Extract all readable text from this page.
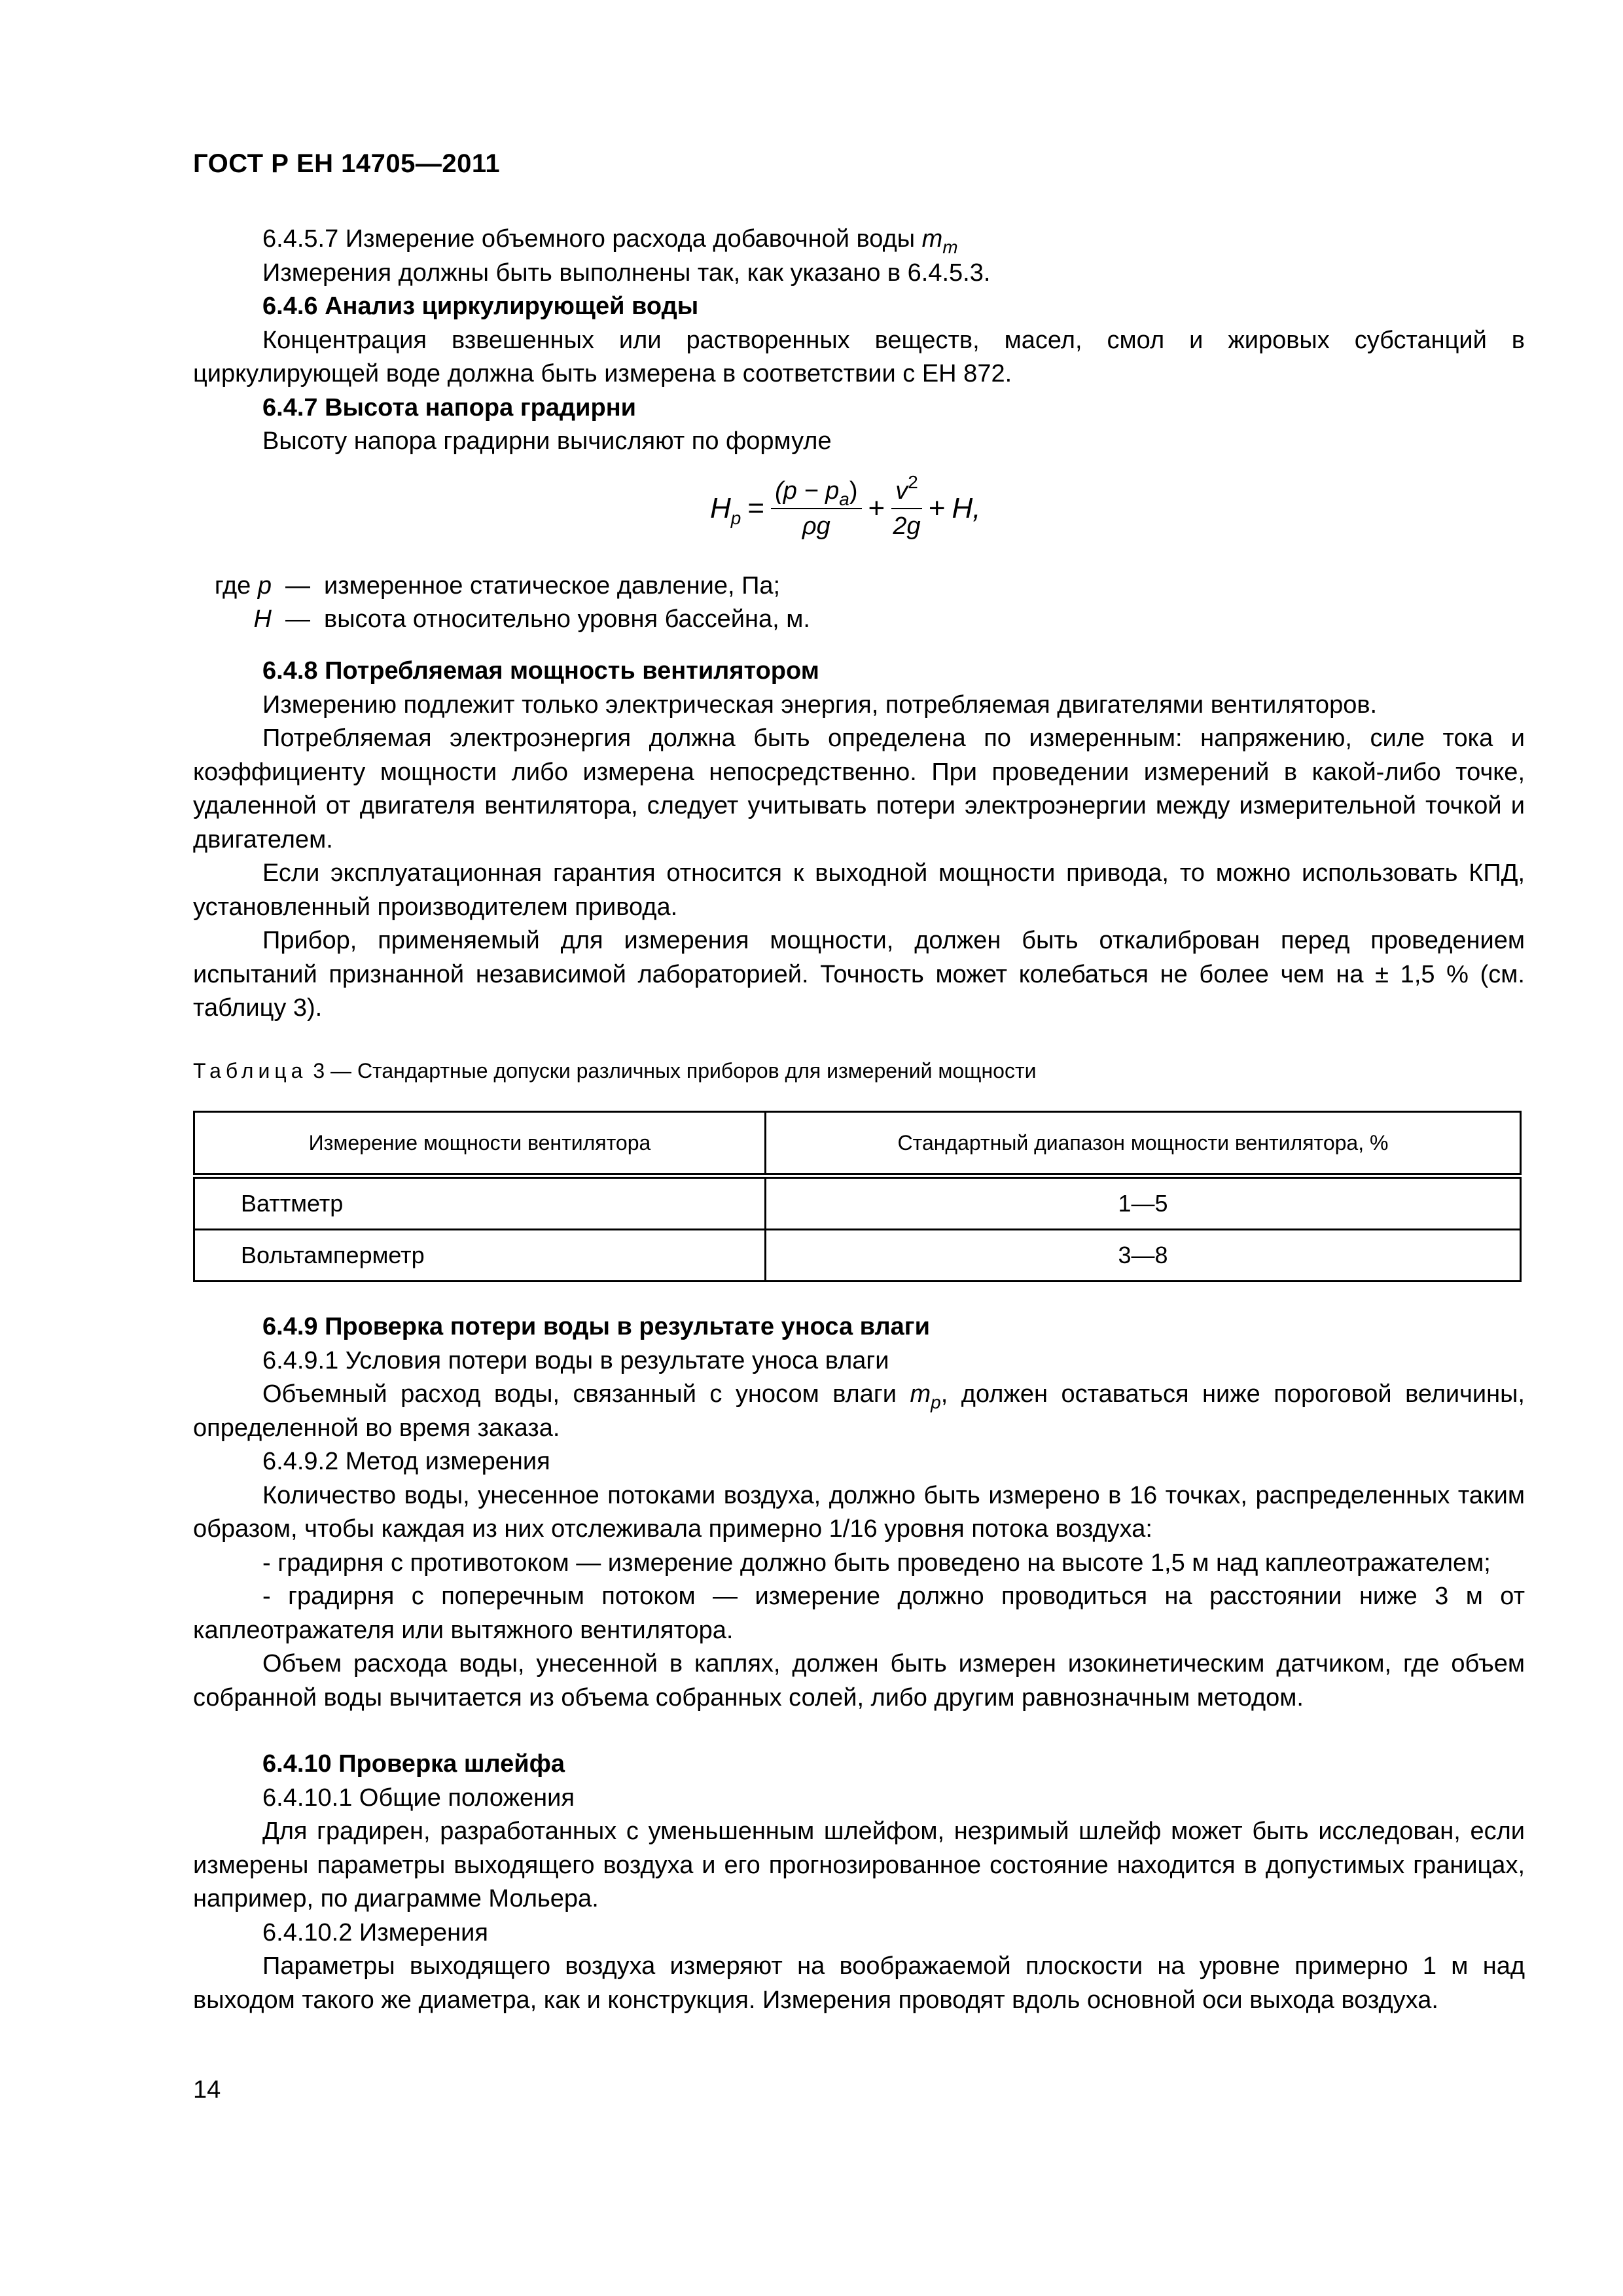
ГОСТ Р ЕН 14705—2011

6.4.5.7 Измерение объемного расхода добавочной воды $m_m$

Измерения должны быть выполнены так, как указано в 6.4.5.3.

6.4.6 Анализ циркулирующей воды

Концентрация взвешенных или растворенных веществ, масел, смол и жировых субстанций в циркулирующей воде должна быть измерена в соответствии с ЕН 872.

6.4.7 Высота напора градирни

Высоту напора градирни вычисляют по формуле

$H_p = \frac{(p - p_a)}{\rho g} + \frac{v^2}{2g} + H$,
где p — измеренное статическое давление, Па;
H — высота относительно уровня бассейна, м.

6.4.8 Потребляемая мощность вентилятором

Измерению подлежит только электрическая энергия, потребляемая двигателями вентиляторов.

Потребляемая электроэнергия должна быть определена по измеренным: напряжению, силе тока и коэффициенту мощности либо измерена непосредственно. При проведении измерений в какой-либо точке, удаленной от двигателя вентилятора, следует учитывать потери электроэнергии между измерительной точкой и двигателем.

Если эксплуатационная гарантия относится к выходной мощности привода, то можно использовать КПД, установленный производителем привода.

Прибор, применяемый для измерения мощности, должен быть откалиброван перед проведением испытаний признанной независимой лабораторией. Точность может колебаться не более чем на ± 1,5 % (см. таблицу 3).

Таблица 3 — Стандартные допуски различных приборов для измерений мощности
Измерение мощности вентилятора	Стандартный диапазон мощности вентилятора, %
Ваттметр	1—5
Вольтамперметр	3—8

6.4.9 Проверка потери воды в результате уноса влаги

6.4.9.1 Условия потери воды в результате уноса влаги

Объемный расход воды, связанный с уносом влаги $m_p$, должен оставаться ниже пороговой величины, определенной во время заказа.

6.4.9.2 Метод измерения

Количество воды, унесенное потоками воздуха, должно быть измерено в 16 точках, распределенных таким образом, чтобы каждая из них отслеживала примерно 1/16 уровня потока воздуха:

- градирня с противотоком — измерение должно быть проведено на высоте 1,5 м над каплеотражателем;

- градирня с поперечным потоком — измерение должно проводиться на расстоянии ниже 3 м от каплеотражателя или вытяжного вентилятора.

Объем расхода воды, унесенной в каплях, должен быть измерен изокинетическим датчиком, где объем собранной воды вычитается из объема собранных солей, либо другим равнозначным методом.

6.4.10 Проверка шлейфа

6.4.10.1 Общие положения

Для градирен, разработанных с уменьшенным шлейфом, незримый шлейф может быть исследован, если измерены параметры выходящего воздуха и его прогнозированное состояние находится в допустимых границах, например, по диаграмме Мольера.

6.4.10.2 Измерения

Параметры выходящего воздуха измеряют на воображаемой плоскости на уровне примерно 1 м над выходом такого же диаметра, как и конструкция. Измерения проводят вдоль основной оси выхода воздуха.

14
